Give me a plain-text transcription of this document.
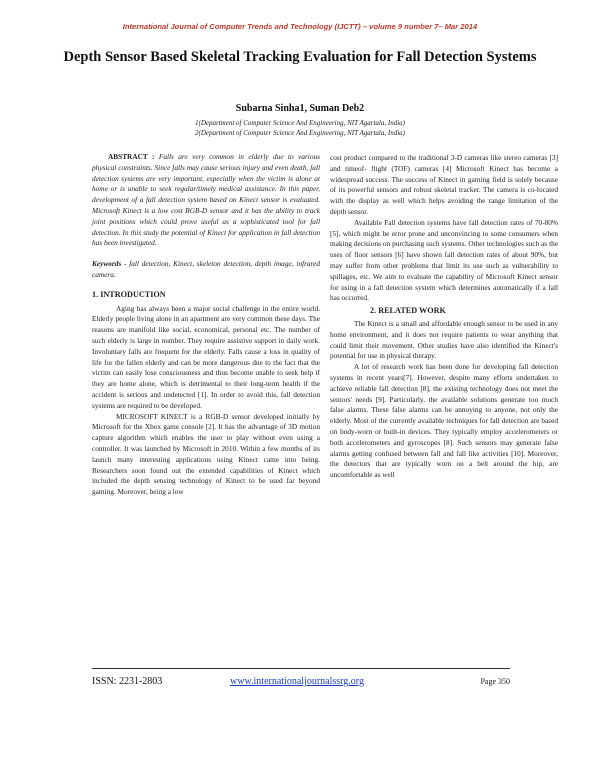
International Journal of Computer Trends and Technology (IJCTT) – volume 9 number 7– Mar 2014
Depth Sensor Based Skeletal Tracking Evaluation for Fall Detection Systems
Subarna Sinha1, Suman Deb2
1(Department of Computer Science And Engineering, NIT Agartala, India)
2(Department of Computer Science And Engineering, NIT Agartala, India)

ABSTRACT : Falls are very common in elderly due to various physical constraints. Since falls may cause serious injury and even death, fall detection systems are very important, especially when the victim is alone at home or is unable to seek regular/timely medical assistance. In this paper, development of a fall detection system based on Kinect sensor is evaluated. Microsoft Kinect is a low cost RGB-D sensor and it has the ability to track joint positions which could prove useful as a sophisticated tool for fall detection. In this study the potential of Kinect for application in fall detection has been investigated.

Keywords - fall detection, Kinect, skeleton detection, depth image, infrared camera.

1. INTRODUCTION

Aging has always been a major social challenge in the entire world. Elderly people living alone in an apartment are very common these days. The reasons are manifold like social, economical, personal etc. The number of such elderly is large in number. They require assistive support in daily work. Involuntary falls are frequent for the elderly. Falls cause a loss in quality of life for the fallen elderly and can be more dangerous due to the fact that the victim can easily lose consciousness and thus become unable to seek help if they are home alone, which is detrimental to their long-term health if the accident is serious and undetected [1]. In order to avoid this, fall detection systems are required to be developed.

MICROSOFT KINECT is a RGB-D sensor developed initially by Microsoft for the Xbox game console [2]. It has the advantage of 3D motion capture algorithm which enables the user to play without even using a controller. It was launched by Microsoft in 2010. Within a few months of its launch many interesting applications using Kinect came into being. Researchers soon found out the extended capabilities of Kinect which included the depth sensing technology of Kinect to be used far beyond gaming. Moreover, being a low

cost product compared to the traditional 3-D cameras like stereo cameras [3] and timeof- flight (TOF) cameras [4] Microsoft Kinect has become a widespread success. The success of Kinect in gaming field is solely because of its powerful sensors and robust skeletal tracker. The camera is co-located with the display as well which helps avoiding the range limitation of the depth sensor.

Available Fall detection systems have fall detection rates of 70-80% [5], which might be error prone and unconvincing to some consumers when making decisions on purchasing such systems. Other technologies such as the uses of floor sensors [6] have shown fall detection rates of about 90%, but may suffer from other problems that limit its use such as vulnerability to spillages, etc. We aim to evaluate the capability of Microsoft Kinect sensor for using in a fall detection system which determines automatically if a fall has occurred.

2. RELATED WORK

The Kinect is a small and affordable enough sensor to be used in any home environment, and it does not require patients to wear anything that could limit their movement. Other studies have also identified the Kinect's potential for use in physical therapy.

A lot of research work has been done for developing fall detection systems in recent years[7]. However, despite many efforts undertaken to achieve reliable fall detection [8], the existing technology does not meet the seniors' needs [9]. Particularly, the available solutions generate too much false alarms. These false alarms can be annoying to anyone, not only the elderly. Most of the currently available techniques for fall detection are based on body-worn or built-in devices. They typically employ accelerometers or both accelerometers and gyroscopes [8]. Such sensors may generate false alarms getting confused between fall and fall like activities [10]. Moreover, the detectors that are typically worn on a belt around the hip, are uncomfortable as well

ISSN: 2231-2803	www.internationaljournalssrg.org	Page 350
